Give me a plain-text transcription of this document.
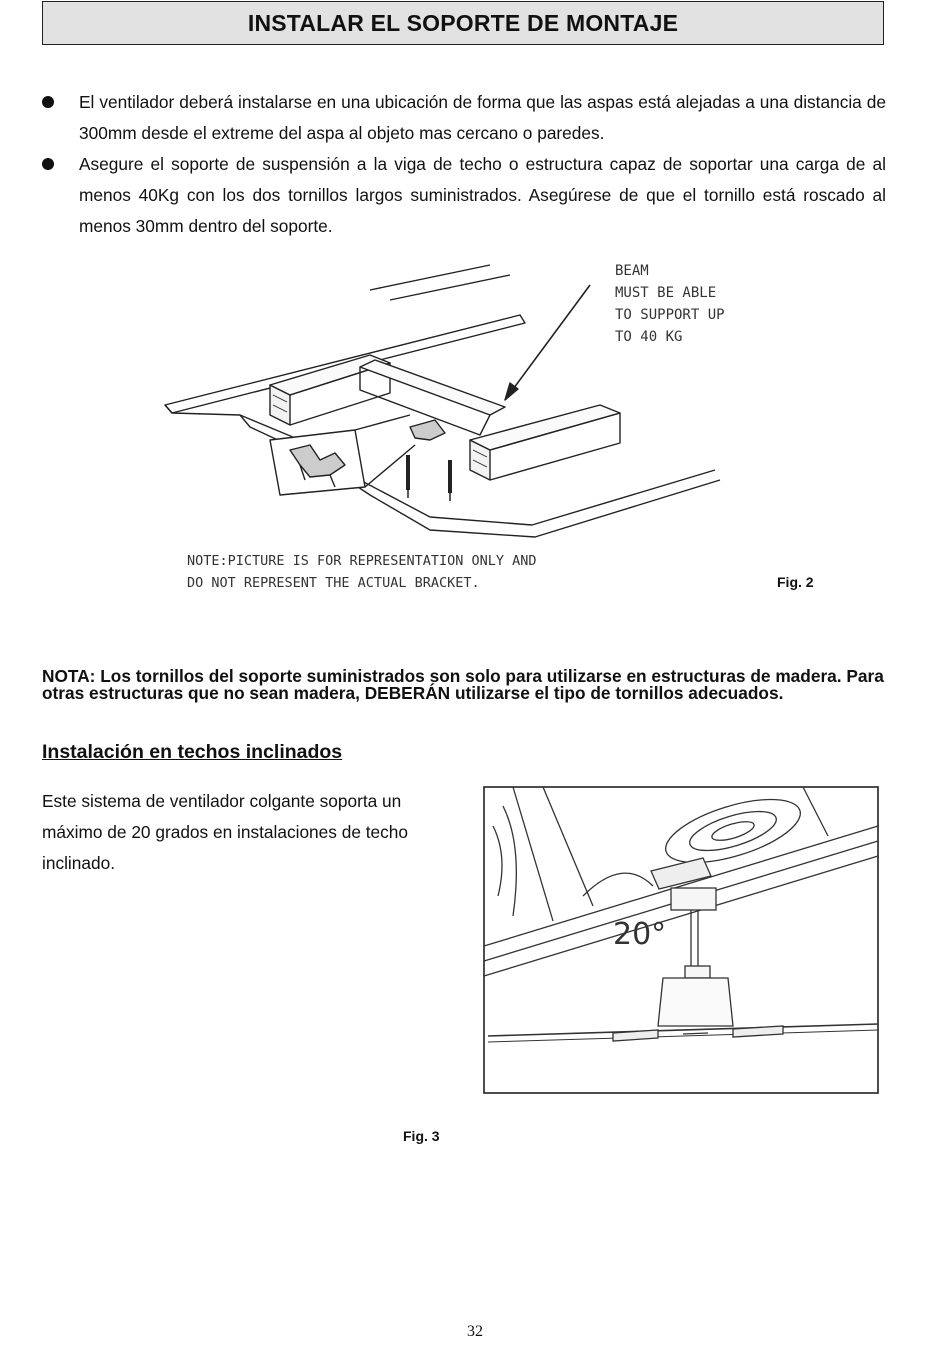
INSTALAR EL SOPORTE DE MONTAJE
El ventilador deberá instalarse en una ubicación de forma que las aspas está alejadas a una distancia de 300mm desde el extreme del aspa al objeto mas cercano o paredes.
Asegure el soporte de suspensión a la viga de techo o estructura capaz de soportar una carga de al menos 40Kg con los dos tornillos largos suministrados. Asegúrese de que el tornillo está roscado al menos 30mm dentro del soporte.
BEAM
MUST BE ABLE
TO SUPPORT UP
TO 40 KG
NOTE:PICTURE IS FOR REPRESENTATION ONLY AND
DO NOT REPRESENT THE ACTUAL BRACKET.	Fig. 2
NOTA: Los tornillos del soporte suministrados son solo para utilizarse en estructuras de madera. Para otras estructuras que no sean madera, DEBERÁN utilizarse el tipo de tornillos adecuados.
Instalación en techos inclinados
Este sistema de ventilador colgante soporta un máximo de 20 grados en instalaciones de techo inclinado.
20°
Fig. 3
32
